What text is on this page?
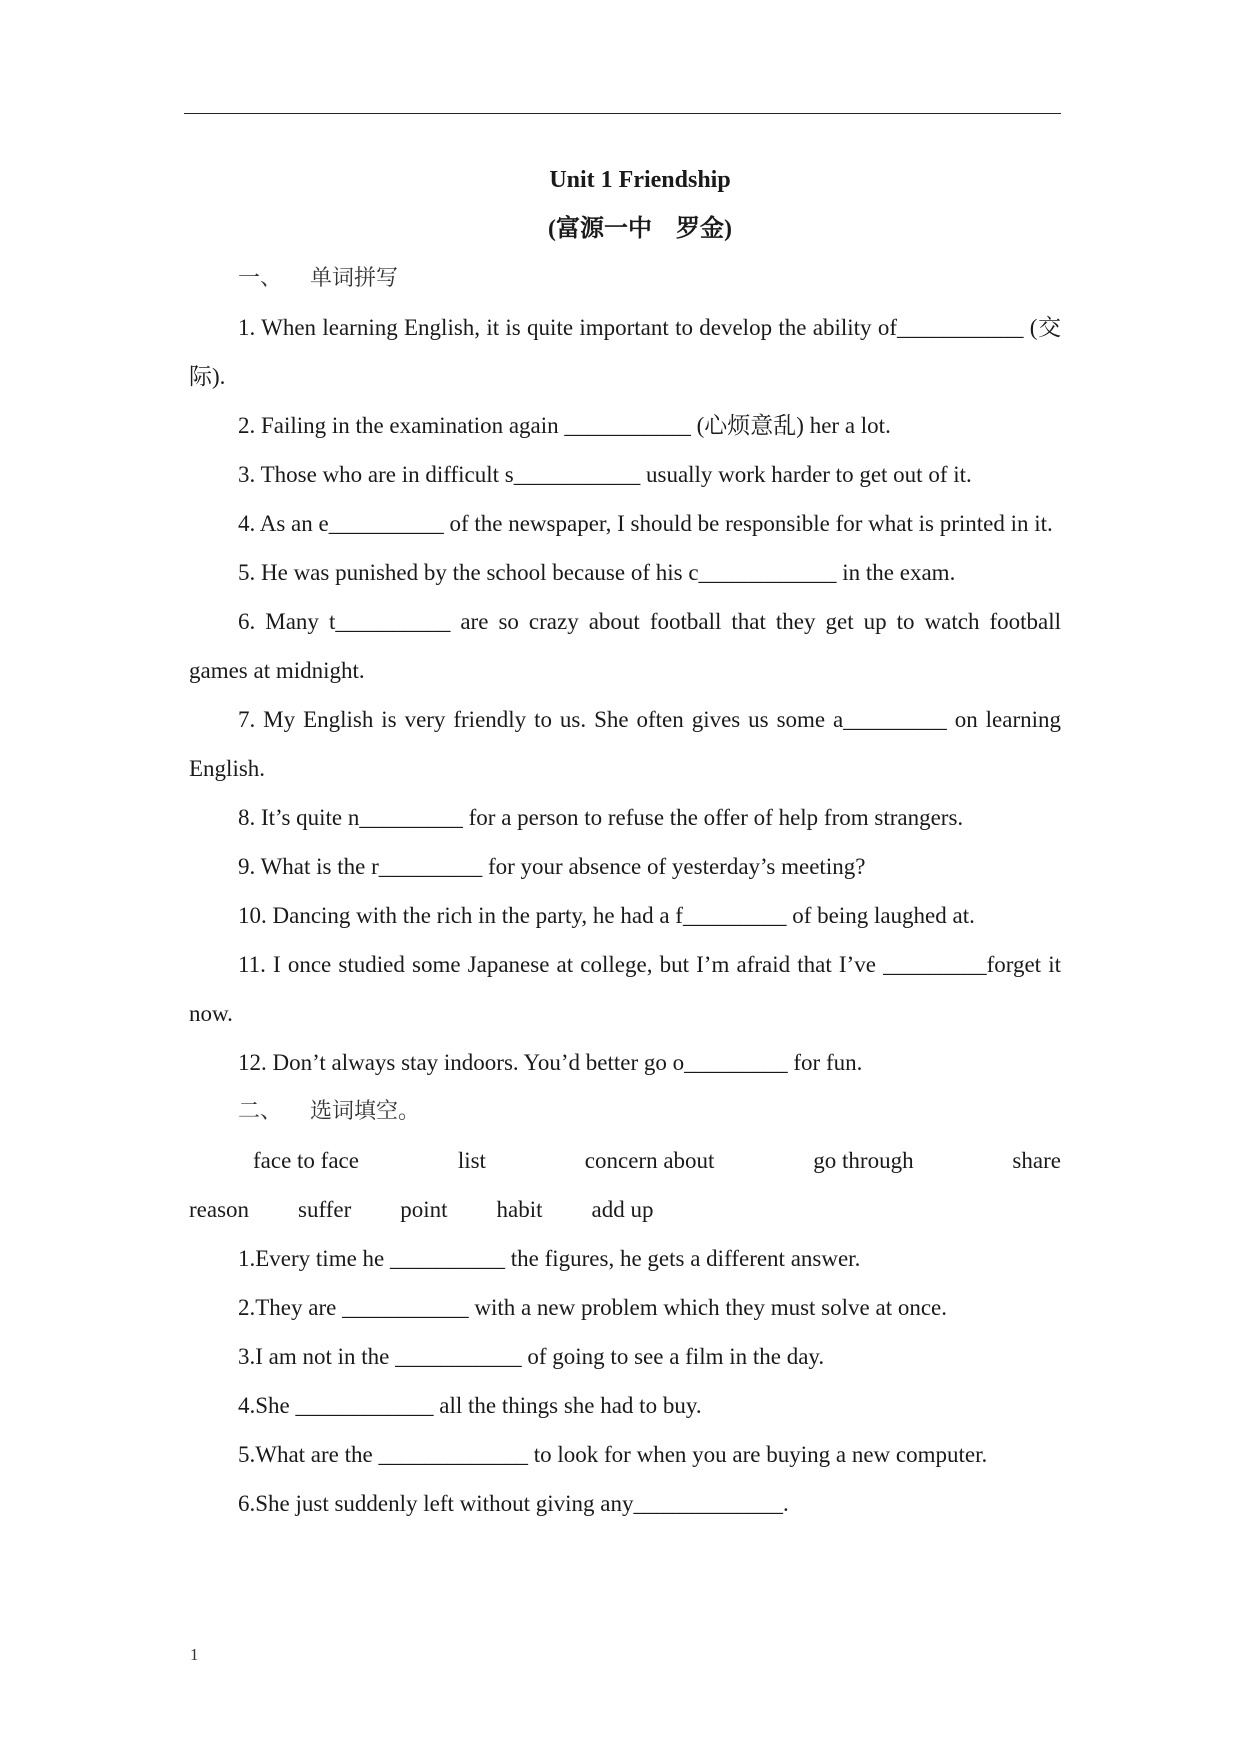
Unit 1 Friendship

(富源一中　罗金)

一、 单词拼写

1. When learning English, it is quite important to develop the ability of___________ (交际).

2. Failing in the examination again ___________ (心烦意乱) her a lot.

3. Those who are in difficult s___________ usually work harder to get out of it.

4. As an e__________ of the newspaper, I should be responsible for what is printed in it.

5. He was punished by the school because of his c____________ in the exam.

6. Many t__________ are so crazy about football that they get up to watch football games at midnight.

7. My English is very friendly to us. She often gives us some a_________ on learning English.

8. It’s quite n_________ for a person to refuse the offer of help from strangers.

9. What is the r_________ for your absence of yesterday’s meeting?

10. Dancing with the rich in the party, he had a f_________ of being laughed at.

11. I once studied some Japanese at college, but I’m afraid that I’ve _________forget it now.

12. Don’t always stay indoors. You’d better go o_________ for fun.

二、 选词填空。

face to face	list	concern about	go through	share
reason suffer point habit add up

1.Every time he __________ the figures, he gets a different answer.

2.They are ___________ with a new problem which they must solve at once.

3.I am not in the ___________ of going to see a film in the day.

4.She ____________ all the things she had to buy.

5.What are the _____________ to look for when you are buying a new computer.

6.She just suddenly left without giving any_____________.

1
